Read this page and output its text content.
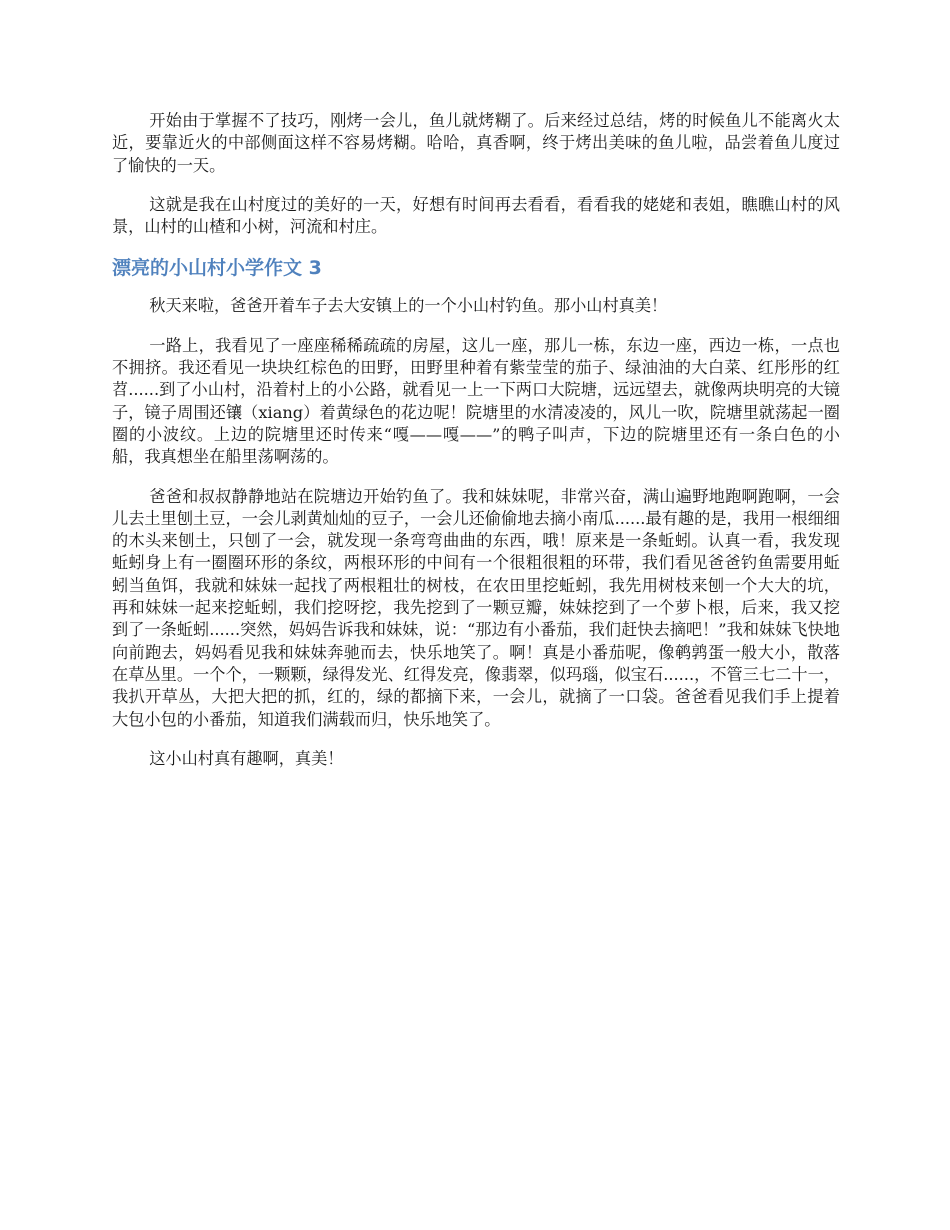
开始由于掌握不了技巧，刚烤一会儿，鱼儿就烤糊了。后来经过总结，烤的时候鱼儿不能离火太近，要靠近火的中部侧面这样不容易烤糊。哈哈，真香啊，终于烤出美味的鱼儿啦，品尝着鱼儿度过了愉快的一天。

这就是我在山村度过的美好的一天，好想有时间再去看看，看看我的姥姥和表姐，瞧瞧山村的风景，山村的山楂和小树，河流和村庄。

漂亮的小山村小学作文 3

秋天来啦，爸爸开着车子去大安镇上的一个小山村钓鱼。那小山村真美！

一路上，我看见了一座座稀稀疏疏的房屋，这儿一座，那儿一栋，东边一座，西边一栋，一点也不拥挤。我还看见一块块红棕色的田野，田野里种着有紫莹莹的茄子、绿油油的大白菜、红彤彤的红苕......到了小山村，沿着村上的小公路，就看见一上一下两口大院塘，远远望去，就像两块明亮的大镜子，镜子周围还镶（xiang）着黄绿色的花边呢！院塘里的水清凌凌的，风儿一吹，院塘里就荡起一圈圈的小波纹。上边的院塘里还时传来“嘎——嘎——”的鸭子叫声，下边的院塘里还有一条白色的小船，我真想坐在船里荡啊荡的。

爸爸和叔叔静静地站在院塘边开始钓鱼了。我和妹妹呢，非常兴奋，满山遍野地跑啊跑啊，一会儿去土里刨土豆，一会儿剥黄灿灿的豆子，一会儿还偷偷地去摘小南瓜......最有趣的是，我用一根细细的木头来刨土，只刨了一会，就发现一条弯弯曲曲的东西，哦！原来是一条蚯蚓。认真一看，我发现蚯蚓身上有一圈圈环形的条纹，两根环形的中间有一个很粗很粗的环带，我们看见爸爸钓鱼需要用蚯蚓当鱼饵，我就和妹妹一起找了两根粗壮的树枝，在农田里挖蚯蚓，我先用树枝来刨一个大大的坑，再和妹妹一起来挖蚯蚓，我们挖呀挖，我先挖到了一颗豆瓣，妹妹挖到了一个萝卜根，后来，我又挖到了一条蚯蚓......突然，妈妈告诉我和妹妹，说：“那边有小番茄，我们赶快去摘吧！”我和妹妹飞快地向前跑去，妈妈看见我和妹妹奔驰而去，快乐地笑了。啊！真是小番茄呢，像鹌鹑蛋一般大小，散落在草丛里。一个个，一颗颗，绿得发光、红得发亮，像翡翠，似玛瑙，似宝石......，不管三七二十一，我扒开草丛，大把大把的抓，红的，绿的都摘下来，一会儿，就摘了一口袋。爸爸看见我们手上提着大包小包的小番茄，知道我们满载而归，快乐地笑了。

这小山村真有趣啊，真美！
